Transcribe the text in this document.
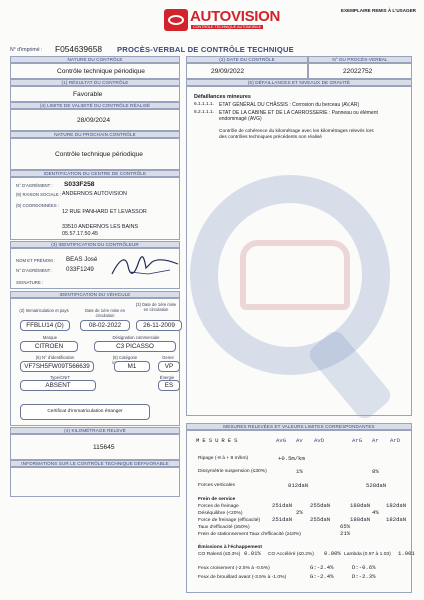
AUTOVISION
CONTRÔLE TECHNIQUE AUTOMOBILE
EXEMPLAIRE REMIS À L'USAGER
N° d'imprimé : F054639658 PROCÈS-VERBAL DE CONTRÔLE TECHNIQUE
NATURE DU CONTRÔLE
Contrôle technique périodique
(1) RÉSULTAT DU CONTRÔLE
Favorable
(4) LIMITE DE VALIDITÉ DU CONTRÔLE RÉALISÉ
28/09/2024
NATURE DU PROCHAIN CONTRÔLE
Contrôle technique périodique
IDENTIFICATION DU CENTRE DE CONTRÔLE
N° D'AGRÉMENT : S033F258
(9) RAISON SOCIALE : ANDERNOS AUTOVISION
(9) COORDONNÉES :
12 RUE PANHARD ET LEVASSOR
33510 ANDERNOS LES BAINS
05.57.17.50.45
(3) IDENTIFICATION DU CONTRÔLEUR
NOM ET PRÉNOM : BEAS José
N° D'AGRÉMENT : 033F1249
SIGNATURE :
IDENTIFICATION DU VÉHICULE
(2) Immatriculation et pays	Date de 1ère mise en circulation
(3) Date de 1ère mise en circulation
FFBLU14 (D)	08-02-2022	26-11-2009
Marque	Désignation commerciale
CITROEN	C3 PICASSO
(5) N° d'identification	(5) Catégorie	Genre
VF7SH5FW09T566639	M1	VP
Type/CNIT	Énergie
ABSENT	ES
Certificat d'immatriculation étranger
(4) KILOMÉTRAGE RELEVÉ
115645
INFORMATIONS SUR LE CONTRÔLE TECHNIQUE DÉFAVORABLE
(2) DATE DU CONTRÔLE
29/09/2022
N° DU PROCÈS-VERBAL
22022752
(6) DÉFAILLANCES ET NIVEAUX DE GRAVITÉ
Défaillances mineures
6.1.1.1.1. ETAT GÉNÉRAL DU CHÂSSIS : Corrosion du berceau (AV,AR)
6.2.1.1.1. ETAT DE LA CABINE ET DE LA CARROSSERIE : Panneau ou élément endommagé (AVG)
Contrôle de cohérence du kilométrage avec les kilométrages relevés lors des contrôles techniques précédents non réalisé
MESURES RELEVÉES ET VALEURS LIMITES CORRESPONDANTES
MESURES	AvG Av AvD	ArG Ar ArD
Ripage (-8 à + 8 m/km)	+0.5m/km
Dissymétrie suspension (≤30%)	1%	8%
Forces verticales	812daN	528daN
Frein de service
Forces de freinage	251daN	255daN	188daN	182daN
Déséquilibre (<20%)	2%	4%
Force de freinage (efficacité) 251daN	255daN	188daN	182daN
Taux d'efficacité (≥50%)	65%
Frein de stationnement Taux d'efficacité (≥18%)	21%
Émissions à l'échappement
CO Ralenti (≤0.3%) 0.01% CO Accéléré (≤0.2%) 0.00% Lambda (0.97 à 1.03) 1.001
Feux croisement (-2.5% à -0.5%)	G:-2.4%	D:-0.6%
Feux de brouillard avant (-3.5% à -1.0%)	G:-2.4%	D:-2.3%
